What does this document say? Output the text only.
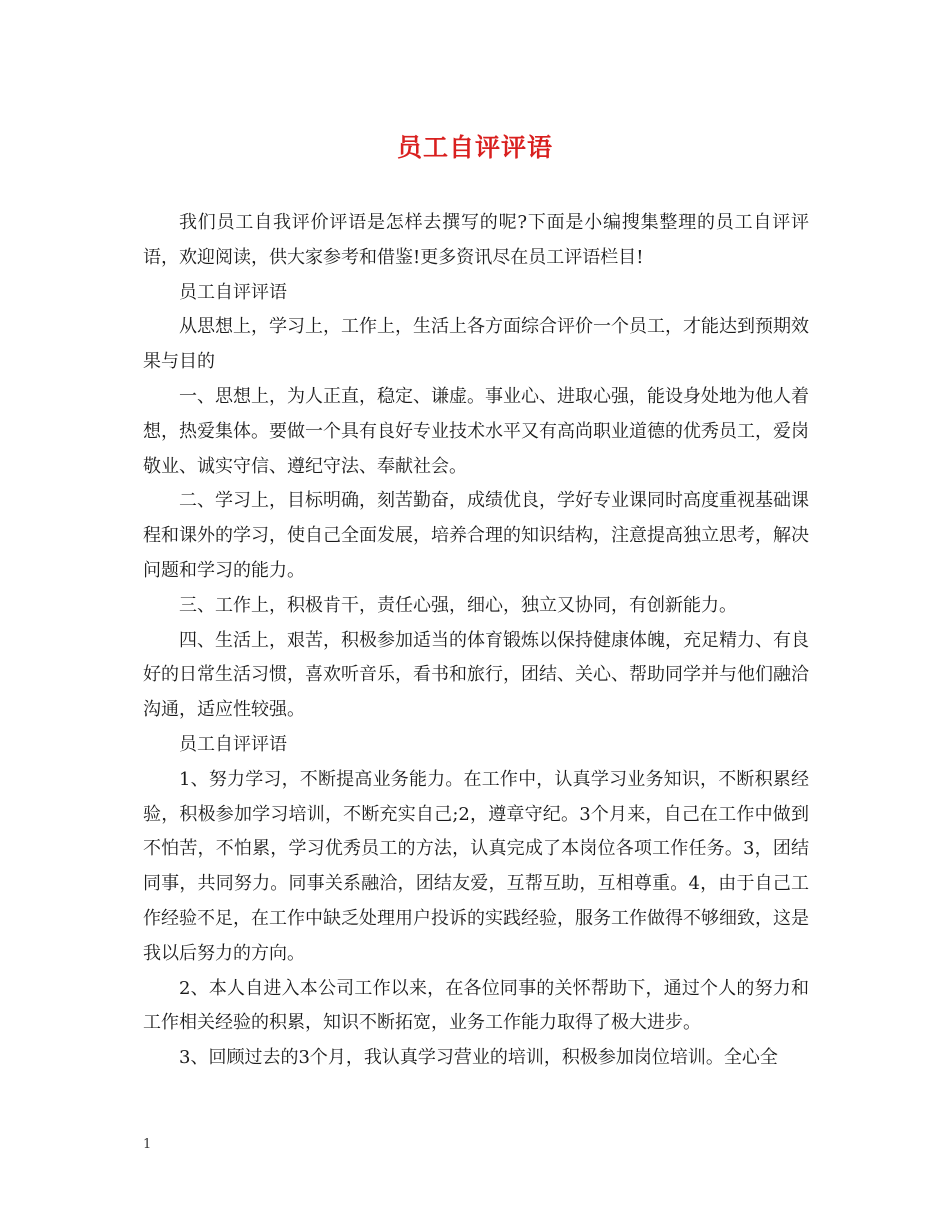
员工自评评语

我们员工自我评价评语是怎样去撰写的呢?下面是小编搜集整理的员工自评评语，欢迎阅读，供大家参考和借鉴!更多资讯尽在员工评语栏目!

员工自评评语

从思想上，学习上，工作上，生活上各方面综合评价一个员工，才能达到预期效果与目的

一、思想上，为人正直，稳定、谦虚。事业心、进取心强，能设身处地为他人着想，热爱集体。要做一个具有良好专业技术水平又有高尚职业道德的优秀员工，爱岗敬业、诚实守信、遵纪守法、奉献社会。

二、学习上，目标明确，刻苦勤奋，成绩优良，学好专业课同时高度重视基础课程和课外的学习，使自己全面发展，培养合理的知识结构，注意提高独立思考，解决问题和学习的能力。

三、工作上，积极肯干，责任心强，细心，独立又协同，有创新能力。

四、生活上，艰苦，积极参加适当的体育锻炼以保持健康体魄，充足精力、有良好的日常生活习惯，喜欢听音乐，看书和旅行，团结、关心、帮助同学并与他们融洽沟通，适应性较强。

员工自评评语

1、努力学习，不断提高业务能力。在工作中，认真学习业务知识，不断积累经验，积极参加学习培训，不断充实自己;2，遵章守纪。3个月来，自己在工作中做到不怕苦，不怕累，学习优秀员工的方法，认真完成了本岗位各项工作任务。3，团结同事，共同努力。同事关系融洽，团结友爱，互帮互助，互相尊重。4，由于自己工作经验不足，在工作中缺乏处理用户投诉的实践经验，服务工作做得不够细致，这是我以后努力的方向。

2、本人自进入本公司工作以来，在各位同事的关怀帮助下，通过个人的努力和工作相关经验的积累，知识不断拓宽，业务工作能力取得了极大进步。

3、回顾过去的3个月，我认真学习营业的培训，积极参加岗位培训。全心全

1
